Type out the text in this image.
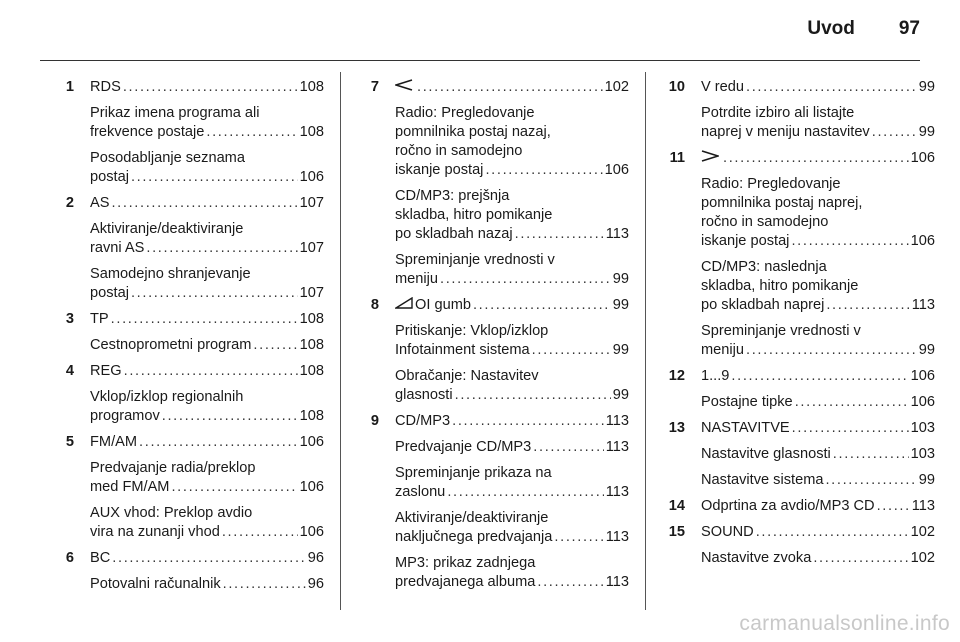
Uvod 97
1 RDS . . .	108
Prikaz imena programa ali
frekvence postaje . . .	108
Posodabljanje seznama
postaj . . .	106
2 AS . . .	107
Aktiviranje/deaktiviranje
ravni AS . . .	107
Samodejno shranjevanje
postaj . . .	107
3 TP . . .	108
Cestnoprometni program . . .	108
4 REG . . .	108
Vklop/izklop regionalnih
programov . . .	108
5 FM/AM . . .	106
Predvajanje radia/preklop
med FM/AM . . .	106
AUX vhod: Preklop avdio
vira na zunanji vhod . . .	106
6 BC . . .	96
Potovalni računalnik . . .	96
7 . . .	102
Radio: Pregledovanje
pomnilnika postaj nazaj,
ročno in samodejno
iskanje postaj . . .	106
CD/MP3: prejšnja
skladba, hitro pomikanje
po skladbah nazaj . . .	113
Spreminjanje vrednosti v
meniju . . .	99
8 OI gumb . . .	99
Pritiskanje: Vklop/izklop
Infotainment sistema . . .	99
Obračanje: Nastavitev
glasnosti . . .	99
9 CD/MP3 . . .	113
Predvajanje CD/MP3 . . .	113
Spreminjanje prikaza na
zaslonu . . .	113
Aktiviranje/deaktiviranje
naključnega predvajanja . . .	113
MP3: prikaz zadnjega
predvajanega albuma . . .	113
10 V redu . . .	99
Potrdite izbiro ali listajte
naprej v meniju nastavitev . . .	99
11 . . .	106
Radio: Pregledovanje
pomnilnika postaj naprej,
ročno in samodejno
iskanje postaj . . .	106
CD/MP3: naslednja
skladba, hitro pomikanje
po skladbah naprej . . .	113
Spreminjanje vrednosti v
meniju . . .	99
12 1...9 . . .	106
Postajne tipke . . .	106
13 NASTAVITVE . . .	103
Nastavitve glasnosti . . .	103
Nastavitve sistema . . .	99
14 Odprtina za avdio/MP3 CD . . .	113
15 SOUND . . .	102
Nastavitve zvoka . . .	102
carmanualsonline.info
